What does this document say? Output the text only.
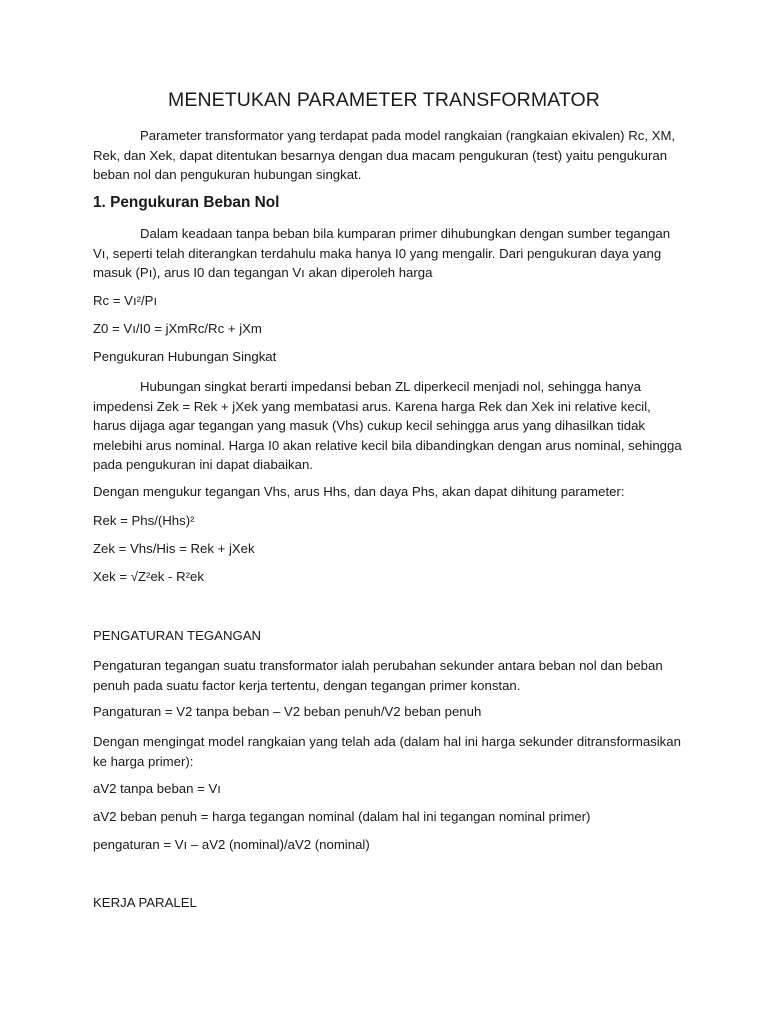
MENETUKAN PARAMETER TRANSFORMATOR

Parameter transformator yang terdapat pada model rangkaian (rangkaian ekivalen) Rc, XM, Rek, dan Xek, dapat ditentukan besarnya dengan dua macam pengukuran (test) yaitu pengukuran beban nol dan pengukuran hubungan singkat.

1. Pengukuran Beban Nol

Dalam keadaan tanpa beban bila kumparan primer dihubungkan dengan sumber tegangan Vı, seperti telah diterangkan terdahulu maka hanya I0 yang mengalir. Dari pengukuran daya yang masuk (Pı), arus I0 dan tegangan Vı akan diperoleh harga

Rc = Vı²/Pı

Z0 = Vı/I0 = jXmRc/Rc + jXm

Pengukuran Hubungan Singkat

Hubungan singkat berarti impedansi beban ZL diperkecil menjadi nol, sehingga hanya impedensi Zek = Rek + jXek yang membatasi arus. Karena harga Rek dan Xek ini relative kecil, harus dijaga agar tegangan yang masuk (Vhs) cukup kecil sehingga arus yang dihasilkan tidak melebihi arus nominal. Harga I0 akan relative kecil bila dibandingkan dengan arus nominal, sehingga pada pengukuran ini dapat diabaikan.

Dengan mengukur tegangan Vhs, arus Hhs, dan daya Phs, akan dapat dihitung parameter:

Rek = Phs/(Hhs)²

Zek = Vhs/His = Rek + jXek

Xek = √Z²ek - R²ek

PENGATURAN TEGANGAN

Pengaturan tegangan suatu transformator ialah perubahan sekunder antara beban nol dan beban penuh pada suatu factor kerja tertentu, dengan tegangan primer konstan.

Pangaturan = V2 tanpa beban – V2 beban penuh/V2 beban penuh

Dengan mengingat model rangkaian yang telah ada (dalam hal ini harga sekunder ditransformasikan ke harga primer):

aV2 tanpa beban = Vı

aV2 beban penuh = harga tegangan nominal (dalam hal ini tegangan nominal primer)

pengaturan = Vı – aV2 (nominal)/aV2 (nominal)

KERJA PARALEL
